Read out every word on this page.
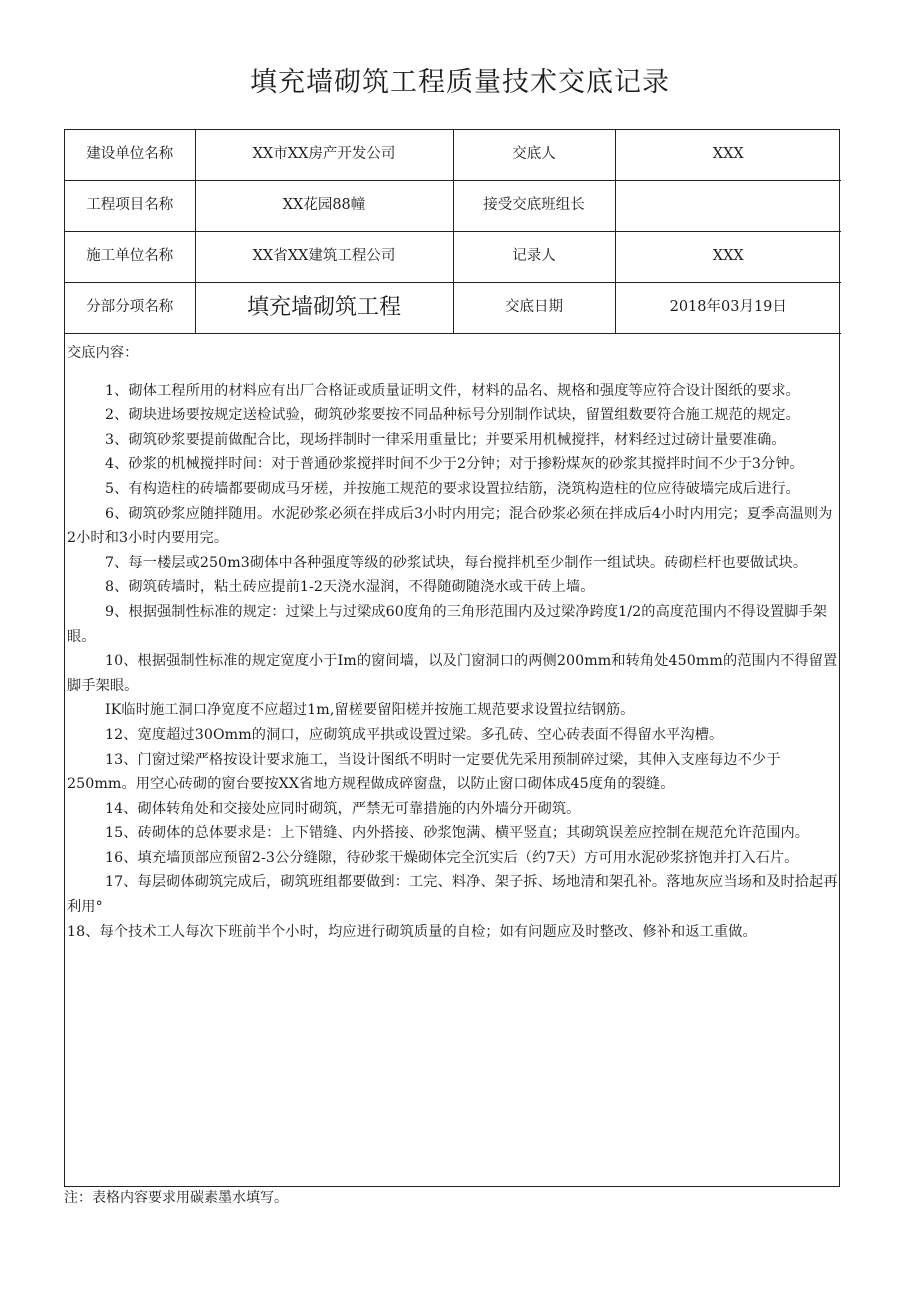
填充墙砌筑工程质量技术交底记录
建设单位名称	XX市XX房产开发公司	交底人	XXX
工程项目名称	XX花园88幢	接受交底班组长	
施工单位名称	XX省XX建筑工程公司	记录人	XXX
分部分项名称	填充墙砌筑工程	交底日期	2018年03月19日
交底内容：

1、砌体工程所用的材料应有出厂合格证或质量证明文件，材料的品名、规格和强度等应符合设计图纸的要求。

2、砌块进场要按规定送检试验，砌筑砂浆要按不同品种标号分别制作试块，留置组数要符合施工规范的规定。

3、砌筑砂浆要提前做配合比，现场拌制时一律采用重量比；并要采用机械搅拌，材料经过过磅计量要准确。

4、砂浆的机械搅拌时间：对于普通砂浆搅拌时间不少于2分钟；对于掺粉煤灰的砂浆其搅拌时间不少于3分钟。

5、有构造柱的砖墙都要砌成马牙槎，并按施工规范的要求设置拉结筋，浇筑构造柱的位应待破墙完成后进行。

6、砌筑砂浆应随拌随用。水泥砂浆必须在拌成后3小时内用完；混合砂浆必须在拌成后4小时内用完；夏季高温则为2小时和3小时内要用完。

7、每一楼层或250m3砌体中各种强度等级的砂浆试块，每台搅拌机至少制作一组试块。砖砌栏杆也要做试块。

8、砌筑砖墙时，粘土砖应提前1-2天浇水湿润，不得随砌随浇水或干砖上墙。

9、根据强制性标准的规定：过梁上与过梁成60度角的三角形范围内及过梁净跨度1/2的高度范围内不得设置脚手架眼。

10、根据强制性标准的规定宽度小于Im的窗间墙，以及门窗洞口的两侧200mm和转角处450mm的范围内不得留置脚手架眼。

IK临时施工洞口净宽度不应超过1m,留槎要留阳槎并按施工规范要求设置拉结钢筋。

12、宽度超过30Omm的洞口，应砌筑成平拱或设置过梁。多孔砖、空心砖表面不得留水平沟槽。

13、门窗过梁严格按设计要求施工，当设计图纸不明时一定要优先采用预制碎过梁，其伸入支座每边不少于250mm。用空心砖砌的窗台要按XX省地方规程做成碎窗盘，以防止窗口砌体成45度角的裂缝。

14、砌体转角处和交接处应同时砌筑，严禁无可靠措施的内外墙分开砌筑。

15、砖砌体的总体要求是：上下错缝、内外搭接、砂浆饱满、横平竖直；其砌筑误差应控制在规范允许范围内。

16、填充墙顶部应预留2-3公分缝隙，待砂浆干燥砌体完全沉实后（约7天）方可用水泥砂浆挤饱并打入石片。

17、每层砌体砌筑完成后，砌筑班组都要做到：工完、料净、架子拆、场地清和架孔补。落地灰应当场和及时拾起再利用°

18、每个技术工人每次下班前半个小时，均应进行砌筑质量的自检；如有问题应及时整改、修补和返工重做。

注：表格内容要求用碳素墨水填写。
